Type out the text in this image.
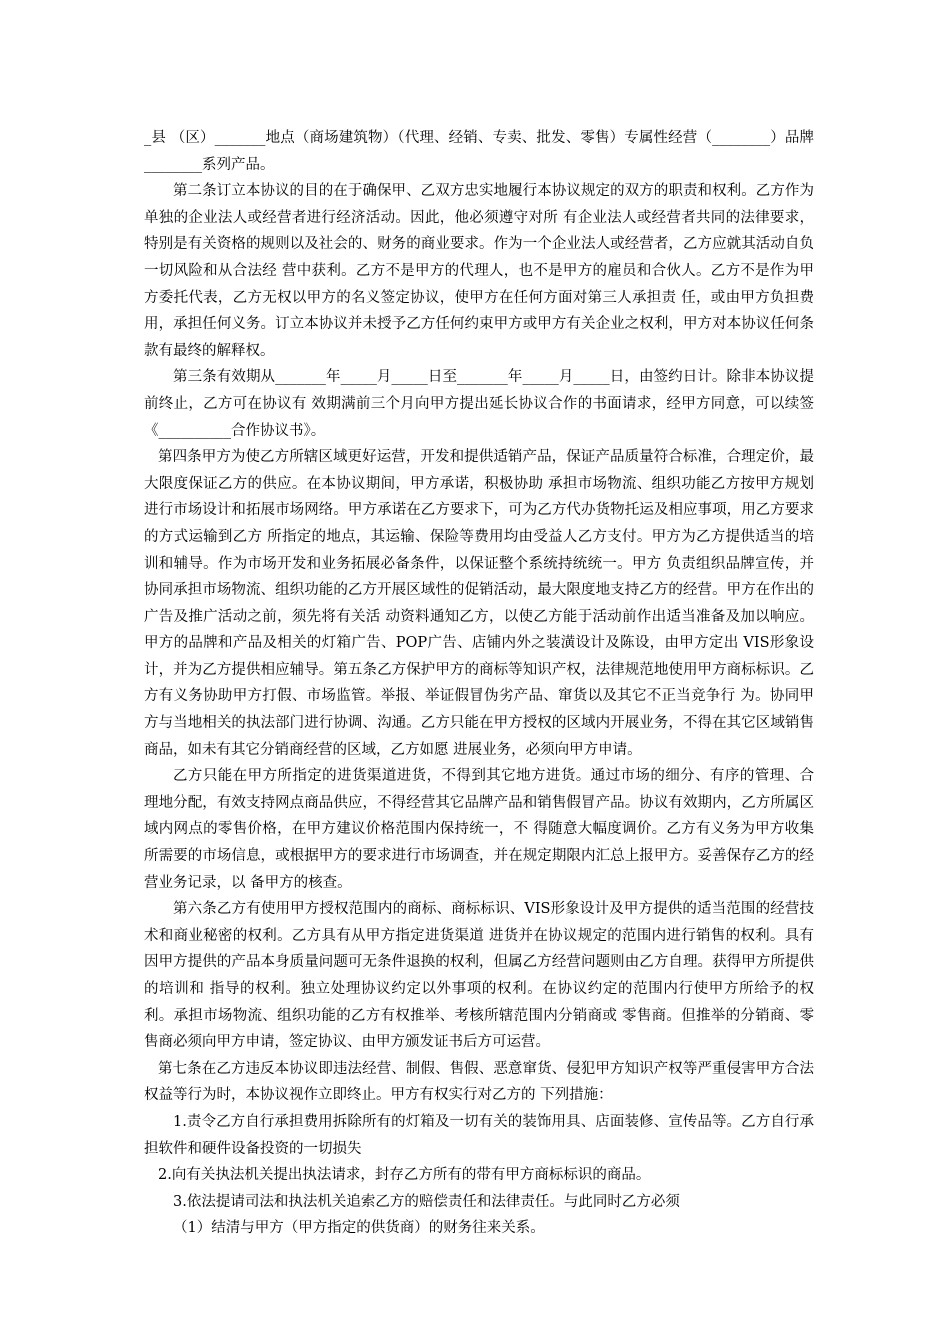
_县 （区）_______地点（商场建筑物）（代理、经销、专卖、批发、零售）专属性经营（________）品牌________系列产品。

第二条订立本协议的目的在于确保甲、乙双方忠实地履行本协议规定的双方的职责和权利。乙方作为单独的企业法人或经营者进行经济活动。因此，他必须遵守对所 有企业法人或经营者共同的法律要求，特别是有关资格的规则以及社会的、财务的商业要求。作为一个企业法人或经营者，乙方应就其活动自负一切风险和从合法经 营中获利。乙方不是甲方的代理人，也不是甲方的雇员和合伙人。乙方不是作为甲方委托代表，乙方无权以甲方的名义签定协议，使甲方在任何方面对第三人承担责 任，或由甲方负担费用，承担任何义务。订立本协议并未授予乙方任何约束甲方或甲方有关企业之权利，甲方对本协议任何条款有最终的解释权。

第三条有效期从_______年_____月_____日至_______年_____月_____日，由签约日计。除非本协议提前终止，乙方可在协议有 效期满前三个月向甲方提出延长协议合作的书面请求，经甲方同意，可以续签《__________合作协议书》。

第四条甲方为使乙方所辖区域更好运营，开发和提供适销产品，保证产品质量符合标准，合理定价，最大限度保证乙方的供应。在本协议期间，甲方承诺，积极协助 承担市场物流、组织功能乙方按甲方规划进行市场设计和拓展市场网络。甲方承诺在乙方要求下，可为乙方代办货物托运及相应事项，用乙方要求的方式运输到乙方 所指定的地点，其运输、保险等费用均由受益人乙方支付。甲方为乙方提供适当的培训和辅导。作为市场开发和业务拓展必备条件，以保证整个系统持统统一。甲方 负责组织品牌宣传，并协同承担市场物流、组织功能的乙方开展区域性的促销活动，最大限度地支持乙方的经营。甲方在作出的广告及推广活动之前，须先将有关活 动资料通知乙方，以使乙方能于活动前作出适当准备及加以响应。甲方的品牌和产品及相关的灯箱广告、POP广告、店铺内外之装潢设计及陈设，由甲方定出 VIS形象设计，并为乙方提供相应辅导。第五条乙方保护甲方的商标等知识产权，法律规范地使用甲方商标标识。乙方有义务协助甲方打假、市场监管。举报、举证假冒伪劣产品、窜货以及其它不正当竞争行 为。协同甲方与当地相关的执法部门进行协调、沟通。乙方只能在甲方授权的区域内开展业务，不得在其它区域销售商品，如未有其它分销商经营的区域，乙方如愿 进展业务，必须向甲方申请。

乙方只能在甲方所指定的进货渠道进货，不得到其它地方进货。通过市场的细分、有序的管理、合 理地分配，有效支持网点商品供应，不得经营其它品牌产品和销售假冒产品。协议有效期内，乙方所属区域内网点的零售价格，在甲方建议价格范围内保持统一，不 得随意大幅度调价。乙方有义务为甲方收集所需要的市场信息，或根据甲方的要求进行市场调查，并在规定期限内汇总上报甲方。妥善保存乙方的经营业务记录，以 备甲方的核查。

第六条乙方有使用甲方授权范围内的商标、商标标识、VIS形象设计及甲方提供的适当范围的经营技术和商业秘密的权利。乙方具有从甲方指定进货渠道 进货并在协议规定的范围内进行销售的权利。具有因甲方提供的产品本身质量问题可无条件退换的权利，但属乙方经营问题则由乙方自理。获得甲方所提供的培训和 指导的权利。独立处理协议约定以外事项的权利。在协议约定的范围内行使甲方所给予的权利。承担市场物流、组织功能的乙方有权推举、考核所辖范围内分销商或 零售商。但推举的分销商、零售商必须向甲方申请，签定协议、由甲方颁发证书后方可运营。

第七条在乙方违反本协议即违法经营、制假、售假、恶意窜货、侵犯甲方知识产权等严重侵害甲方合法权益等行为时，本协议视作立即终止。甲方有权实行对乙方的 下列措施：

1.责令乙方自行承担费用拆除所有的灯箱及一切有关的装饰用具、店面装修、宣传品等。乙方自行承担软件和硬件设备投资的一切损失

2.向有关执法机关提出执法请求，封存乙方所有的带有甲方商标标识的商品。

3.依法提请司法和执法机关追索乙方的赔偿责任和法律责任。与此同时乙方必须

（1）结清与甲方（甲方指定的供货商）的财务往来关系。
